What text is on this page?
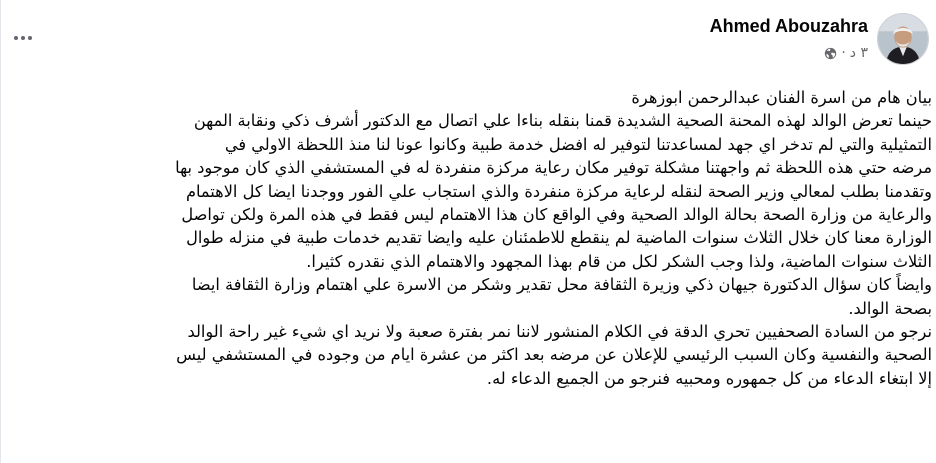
Ahmed Abouzahra
· ٣ د
بيان هام من اسرة الفنان عبدالرحمن ابوزهرة
حينما تعرض الوالد لهذه المحنة الصحية الشديدة قمنا بنقله بناءا علي اتصال مع الدكتور أشرف ذكي ونقابة المهن
التمثيلية والتي لم تدخر اي جهد لمساعدتنا لتوفير له افضل خدمة طبية وكانوا عونا لنا منذ اللحظة الاولي في
مرضه حتي هذه اللحظة ثم واجهتنا مشكلة توفير مكان رعاية مركزة منفردة له في المستشفي الذي كان موجود بها
وتقدمنا بطلب لمعالي وزير الصحة لنقله لرعاية مركزة منفردة والذي استجاب علي الفور ووجدنا ايضا كل الاهتمام
والرعاية من وزارة الصحة بحالة الوالد الصحية وفي الواقع كان هذا الاهتمام ليس فقط في هذه المرة ولكن تواصل
الوزارة معنا كان خلال الثلاث سنوات الماضية لم ينقطع للاطمئنان عليه وايضا تقديم خدمات طبية في منزله طوال
الثلاث سنوات الماضية، ولذا وجب الشكر لكل من قام بهذا المجهود والاهتمام الذي نقدره كثيرا.
وايضاً كان سؤال الدكتورة جيهان ذكي وزيرة الثقافة محل تقدير وشكر من الاسرة علي اهتمام وزارة الثقافة ايضا
بصحة الوالد.
نرجو من السادة الصحفيين تحري الدقة في الكلام المنشور لاننا نمر بفترة صعبة ولا نريد اي شيء غير راحة الوالد
الصحية والنفسية وكان السبب الرئيسي للإعلان عن مرضه بعد اكثر من عشرة ايام من وجوده في المستشفي ليس
إلا ابتغاء الدعاء من كل جمهوره ومحبيه فنرجو من الجميع الدعاء له.
